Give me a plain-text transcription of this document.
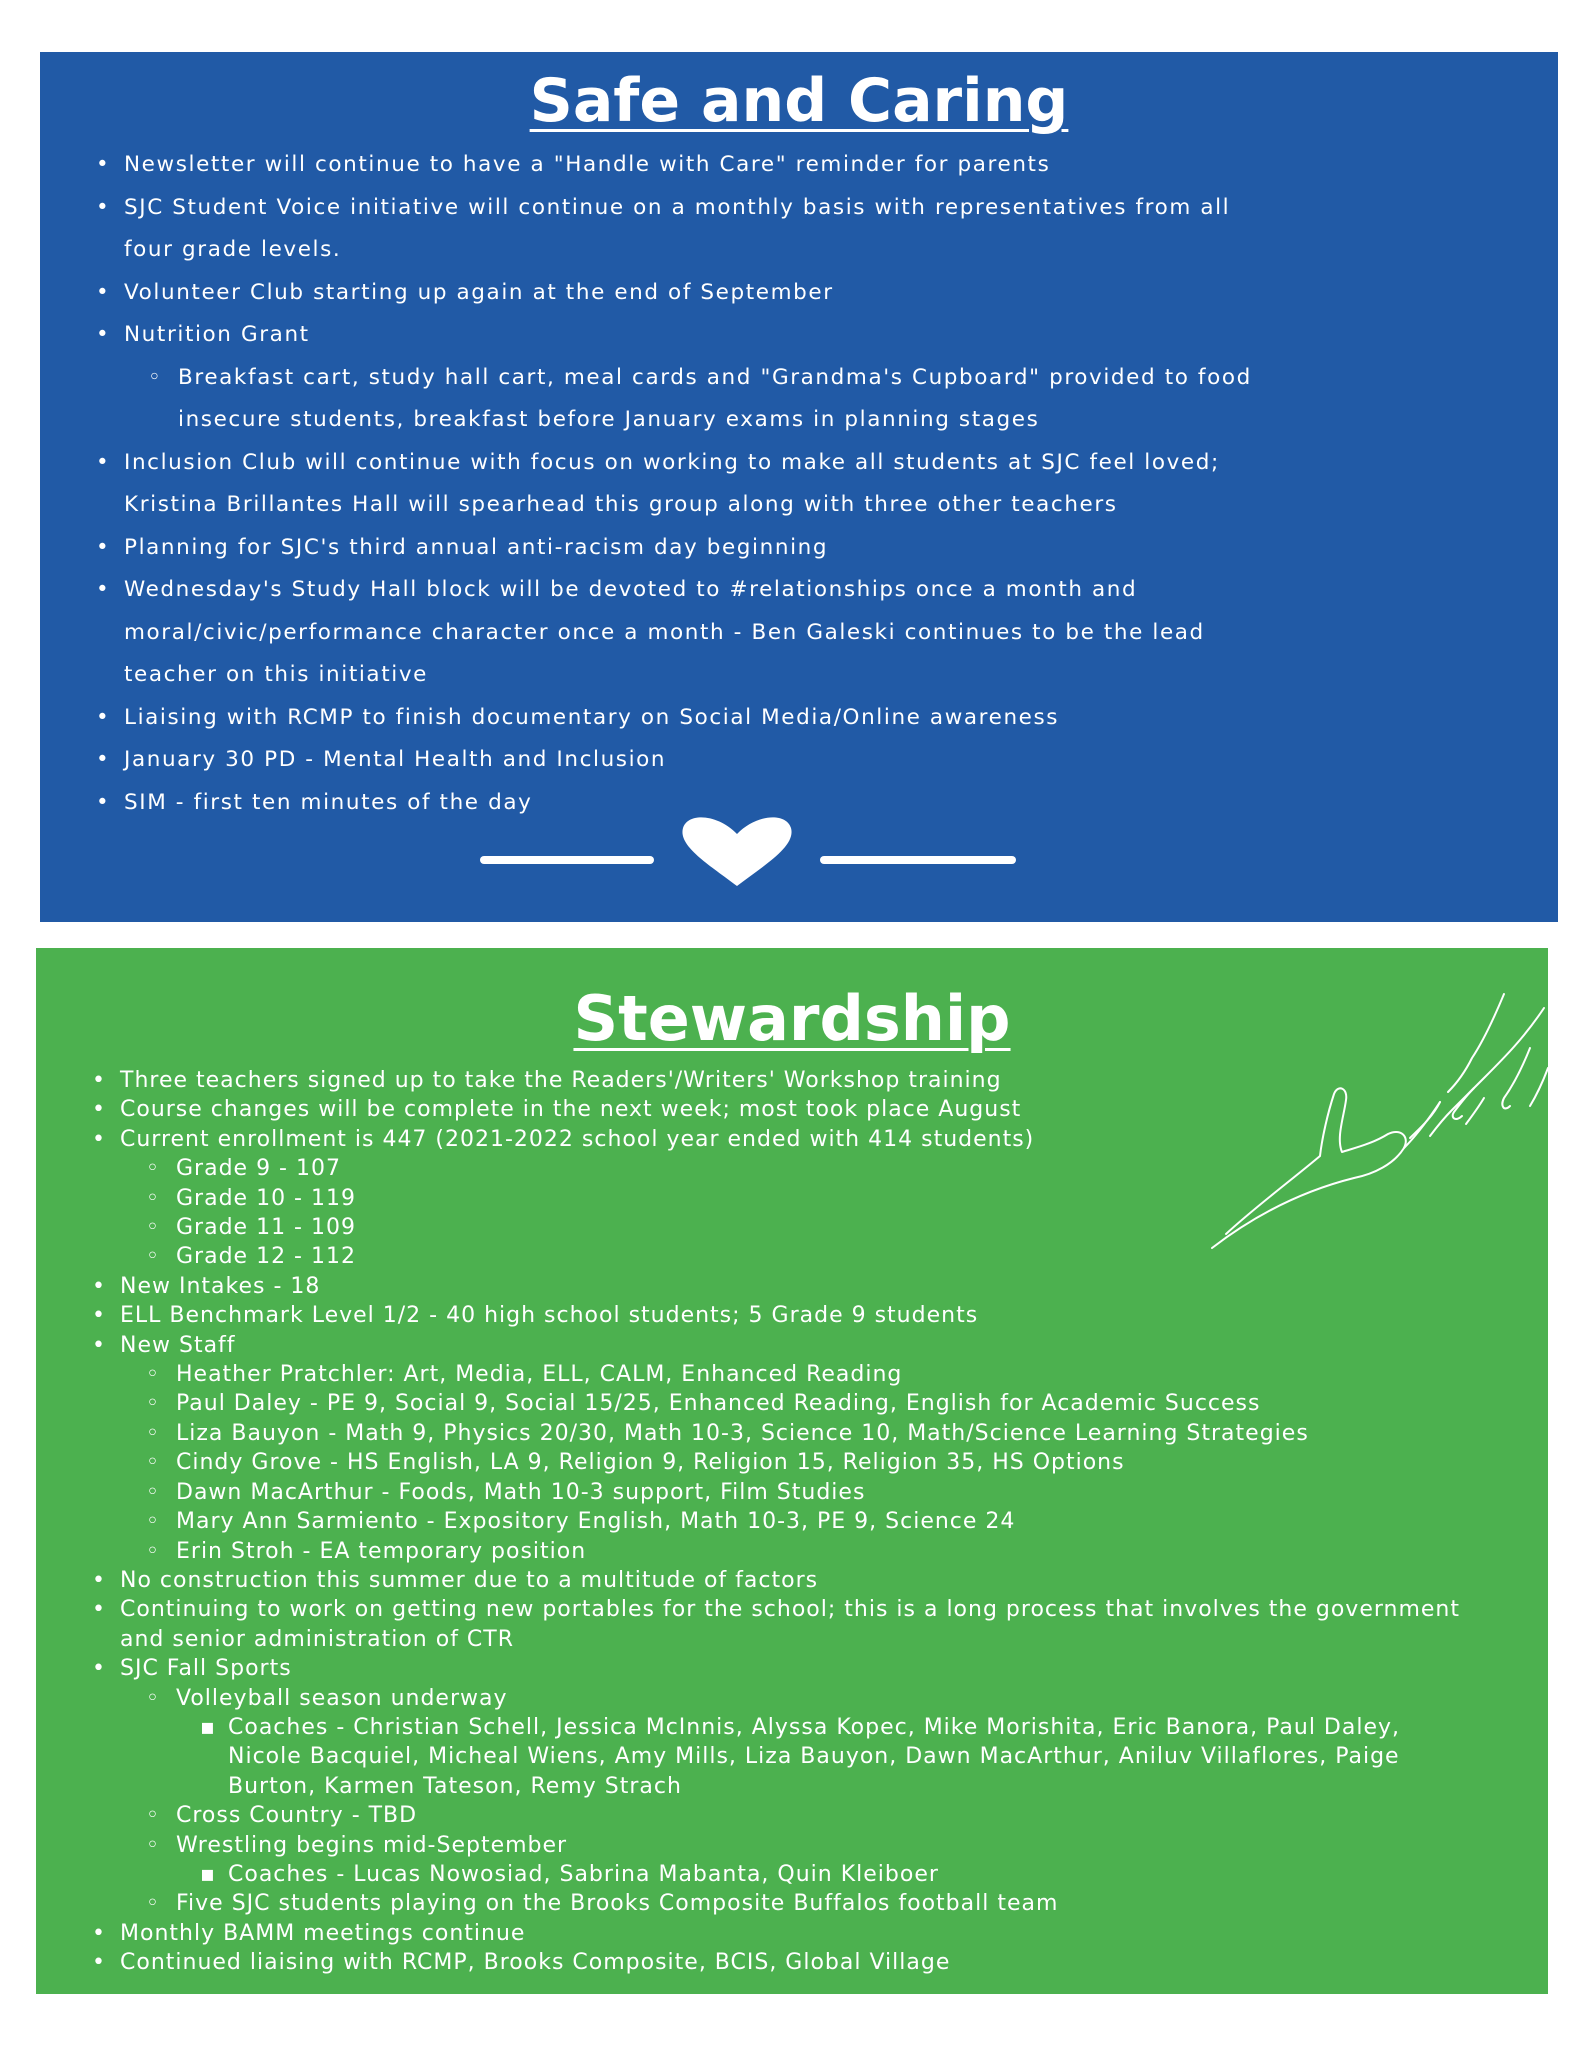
Safe and Caring
• Newsletter will continue to have a "Handle with Care" reminder for parents
• SJC Student Voice initiative will continue on a monthly basis with representatives from all
four grade levels.
• Volunteer Club starting up again at the end of September
• Nutrition Grant
◦ Breakfast cart, study hall cart, meal cards and "Grandma's Cupboard" provided to food
insecure students, breakfast before January exams in planning stages
• Inclusion Club will continue with focus on working to make all students at SJC feel loved;
Kristina Brillantes Hall will spearhead this group along with three other teachers
• Planning for SJC's third annual anti-racism day beginning
• Wednesday's Study Hall block will be devoted to #relationships once a month and
moral/civic/performance character once a month - Ben Galeski continues to be the lead
teacher on this initiative
• Liaising with RCMP to finish documentary on Social Media/Online awareness
• January 30 PD - Mental Health and Inclusion
• SIM - first ten minutes of the day
Stewardship
• Three teachers signed up to take the Readers'/Writers' Workshop training
• Course changes will be complete in the next week; most took place August
• Current enrollment is 447 (2021-2022 school year ended with 414 students)
◦ Grade 9 - 107
◦ Grade 10 - 119
◦ Grade 11 - 109
◦ Grade 12 - 112
• New Intakes - 18
• ELL Benchmark Level 1/2 - 40 high school students; 5 Grade 9 students
• New Staff
◦ Heather Pratchler: Art, Media, ELL, CALM, Enhanced Reading
◦ Paul Daley - PE 9, Social 9, Social 15/25, Enhanced Reading, English for Academic Success
◦ Liza Bauyon - Math 9, Physics 20/30, Math 10-3, Science 10, Math/Science Learning Strategies
◦ Cindy Grove - HS English, LA 9, Religion 9, Religion 15, Religion 35, HS Options
◦ Dawn MacArthur - Foods, Math 10-3 support, Film Studies
◦ Mary Ann Sarmiento - Expository English, Math 10-3, PE 9, Science 24
◦ Erin Stroh - EA temporary position
• No construction this summer due to a multitude of factors
• Continuing to work on getting new portables for the school; this is a long process that involves the government
and senior administration of CTR
• SJC Fall Sports
◦ Volleyball season underway
▪ Coaches - Christian Schell, Jessica McInnis, Alyssa Kopec, Mike Morishita, Eric Banora, Paul Daley,
Nicole Bacquiel, Micheal Wiens, Amy Mills, Liza Bauyon, Dawn MacArthur, Aniluv Villaflores, Paige
Burton, Karmen Tateson, Remy Strach
◦ Cross Country - TBD
◦ Wrestling begins mid-September
▪ Coaches - Lucas Nowosiad, Sabrina Mabanta, Quin Kleiboer
◦ Five SJC students playing on the Brooks Composite Buffalos football team
• Monthly BAMM meetings continue
• Continued liaising with RCMP, Brooks Composite, BCIS, Global Village
